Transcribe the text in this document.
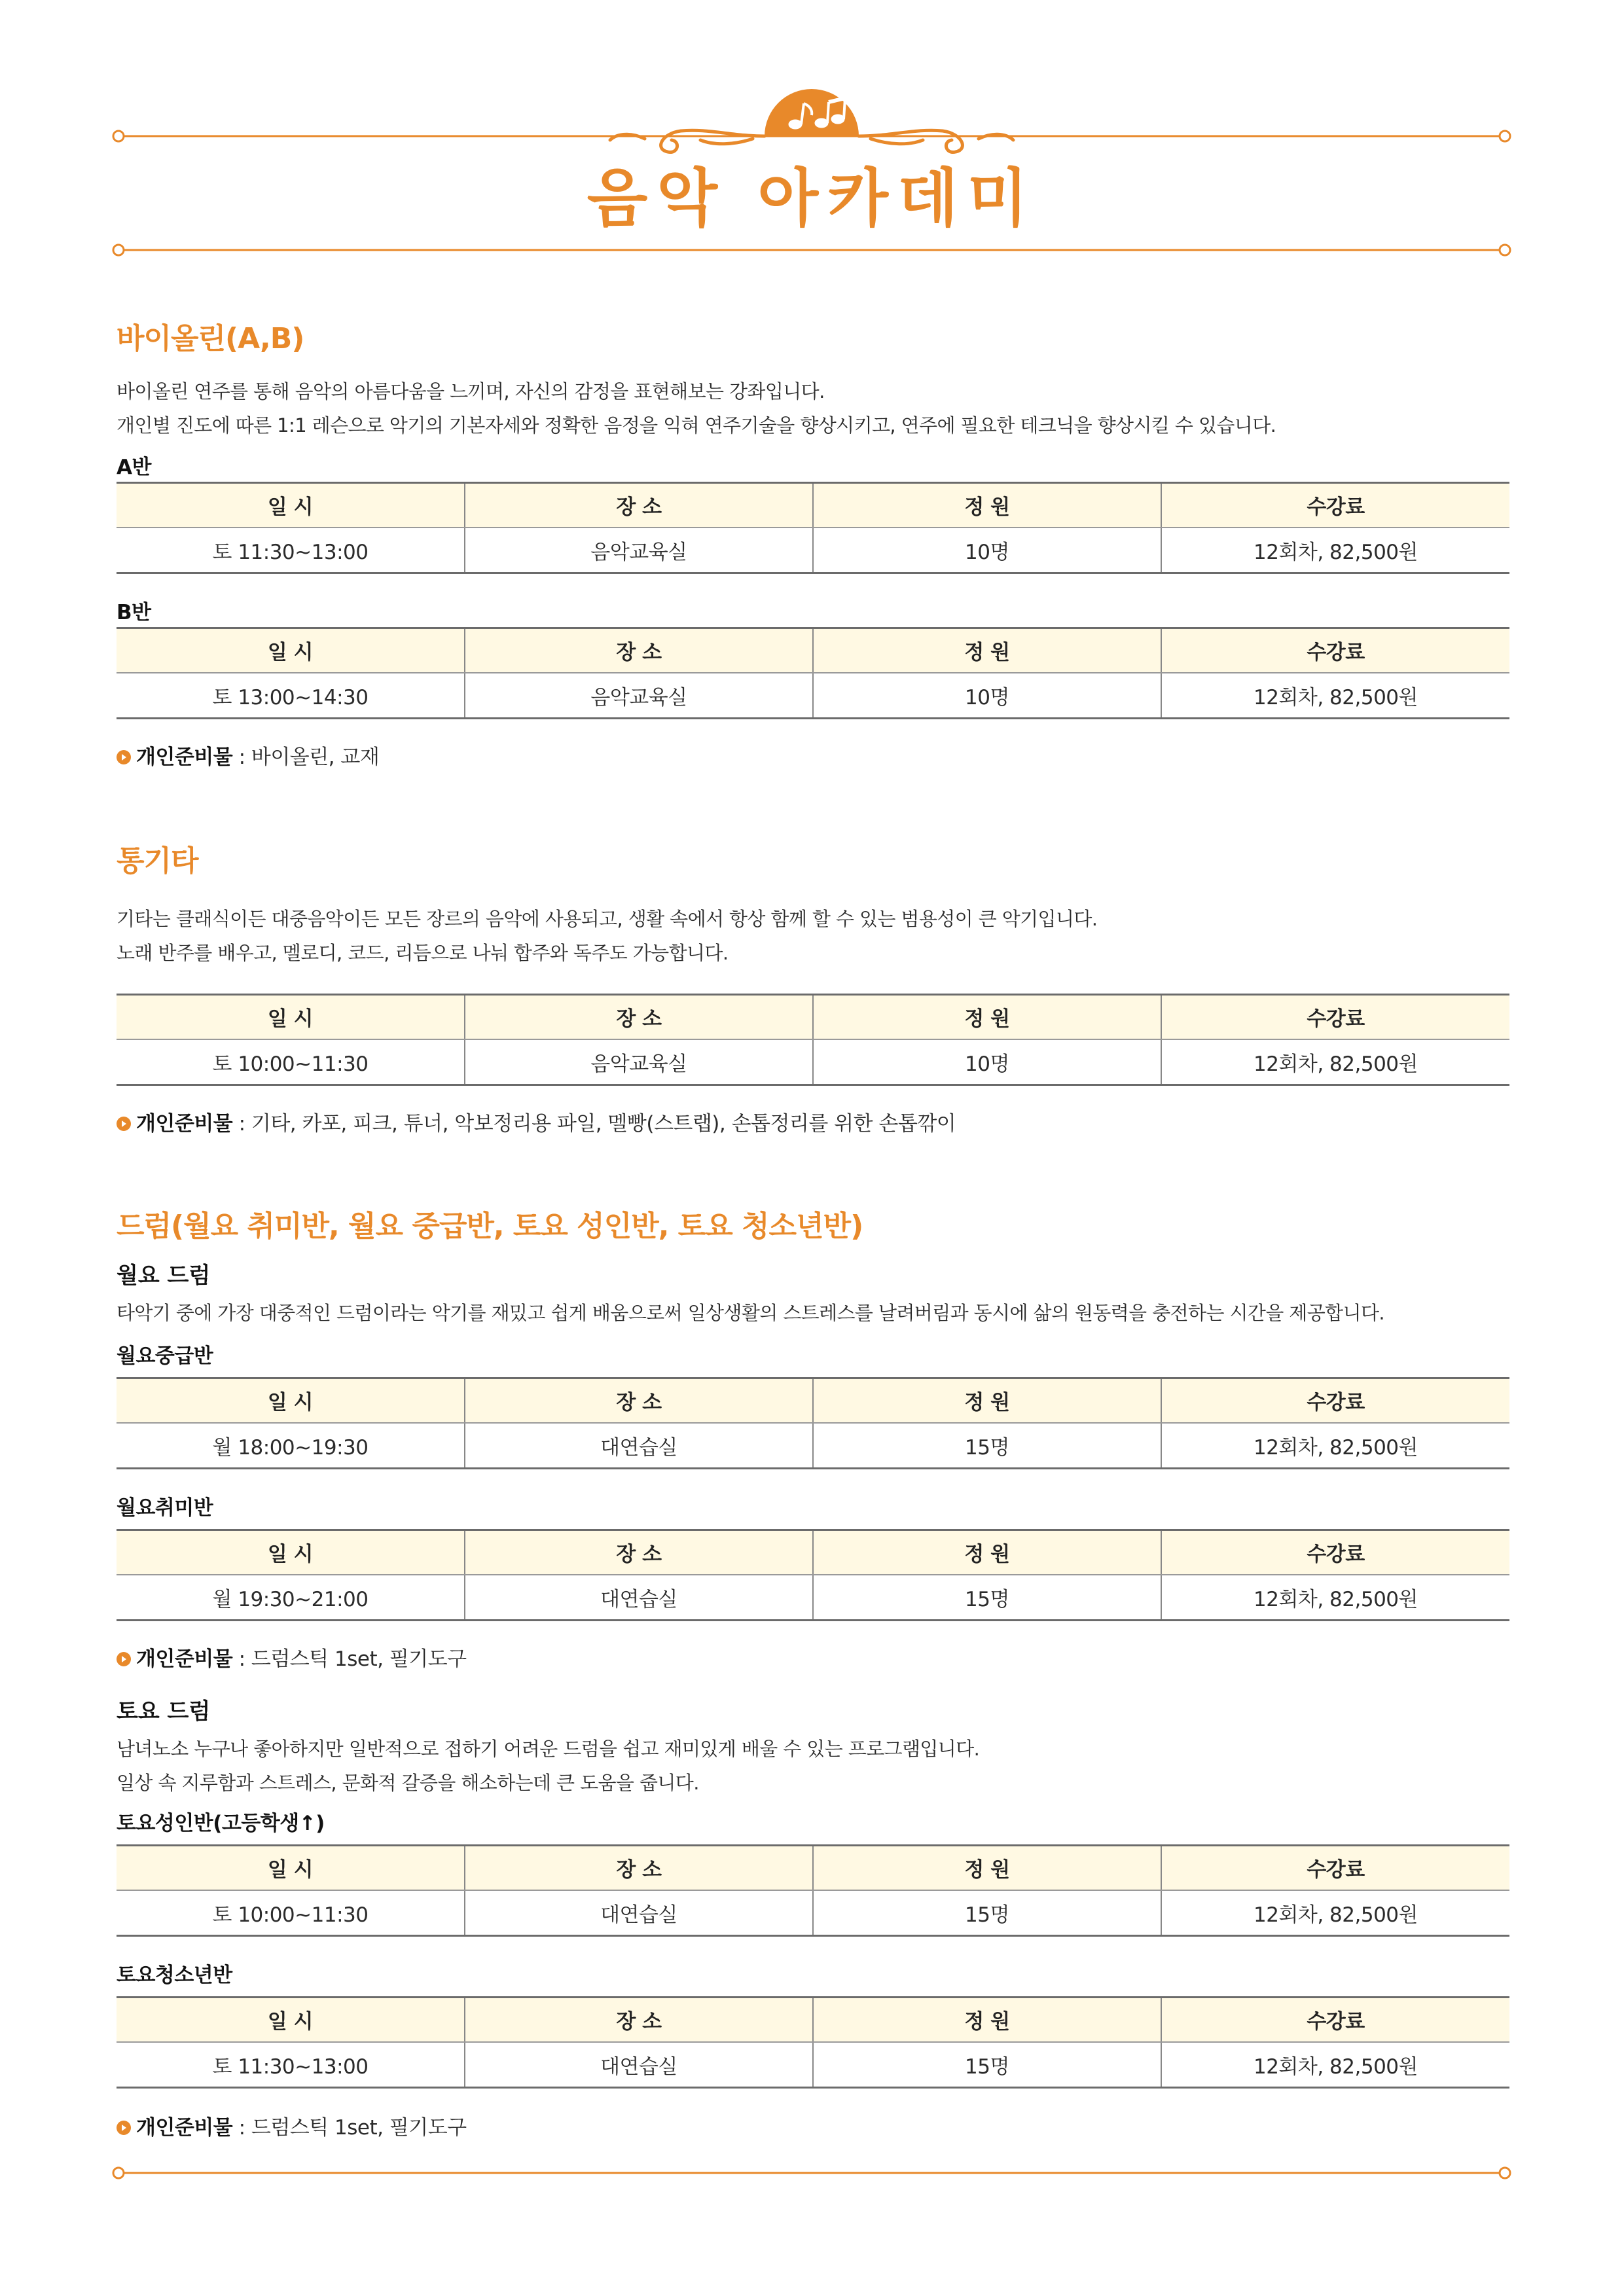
음악 아카데미
바이올린(A,B)
바이올린 연주를 통해 음악의 아름다움을 느끼며, 자신의 감정을 표현해보는 강좌입니다.
개인별 진도에 따른 1:1 레슨으로 악기의 기본자세와 정확한 음정을 익혀 연주기술을 향상시키고, 연주에 필요한 테크닉을 향상시킬 수 있습니다.
A반
일 시	장 소	정 원	수강료
토 11:30~13:00	음악교육실	10명	12회차, 82,500원
B반
일 시	장 소	정 원	수강료
토 13:00~14:30	음악교육실	10명	12회차, 82,500원
개인준비물 : 바이올린, 교재
통기타
기타는 클래식이든 대중음악이든 모든 장르의 음악에 사용되고, 생활 속에서 항상 함께 할 수 있는 범용성이 큰 악기입니다.
노래 반주를 배우고, 멜로디, 코드, 리듬으로 나눠 합주와 독주도 가능합니다.
일 시	장 소	정 원	수강료
토 10:00~11:30	음악교육실	10명	12회차, 82,500원
개인준비물 : 기타, 카포, 피크, 튜너, 악보정리용 파일, 멜빵(스트랩), 손톱정리를 위한 손톱깎이
드럼(월요 취미반, 월요 중급반, 토요 성인반, 토요 청소년반)
월요 드럼
타악기 중에 가장 대중적인 드럼이라는 악기를 재밌고 쉽게 배움으로써 일상생활의 스트레스를 날려버림과 동시에 삶의 원동력을 충전하는 시간을 제공합니다.
월요중급반
일 시	장 소	정 원	수강료
월 18:00~19:30	대연습실	15명	12회차, 82,500원
월요취미반
일 시	장 소	정 원	수강료
월 19:30~21:00	대연습실	15명	12회차, 82,500원
개인준비물 : 드럼스틱 1set, 필기도구
토요 드럼
남녀노소 누구나 좋아하지만 일반적으로 접하기 어려운 드럼을 쉽고 재미있게 배울 수 있는 프로그램입니다.
일상 속 지루함과 스트레스, 문화적 갈증을 해소하는데 큰 도움을 줍니다.
토요성인반(고등학생↑)
일 시	장 소	정 원	수강료
토 10:00~11:30	대연습실	15명	12회차, 82,500원
토요청소년반
일 시	장 소	정 원	수강료
토 11:30~13:00	대연습실	15명	12회차, 82,500원
개인준비물 : 드럼스틱 1set, 필기도구
